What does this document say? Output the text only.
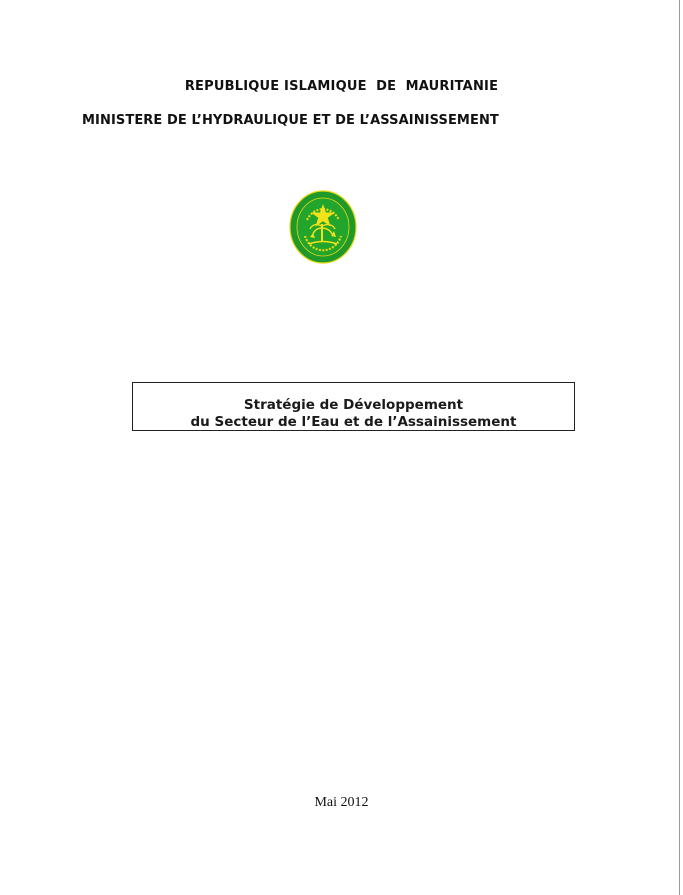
REPUBLIQUE ISLAMIQUE  DE  MAURITANIE
MINISTERE DE L’HYDRAULIQUE ET DE L’ASSAINISSEMENT
Stratégie de Développement
du Secteur de l’Eau et de l’Assainissement
Mai 2012
